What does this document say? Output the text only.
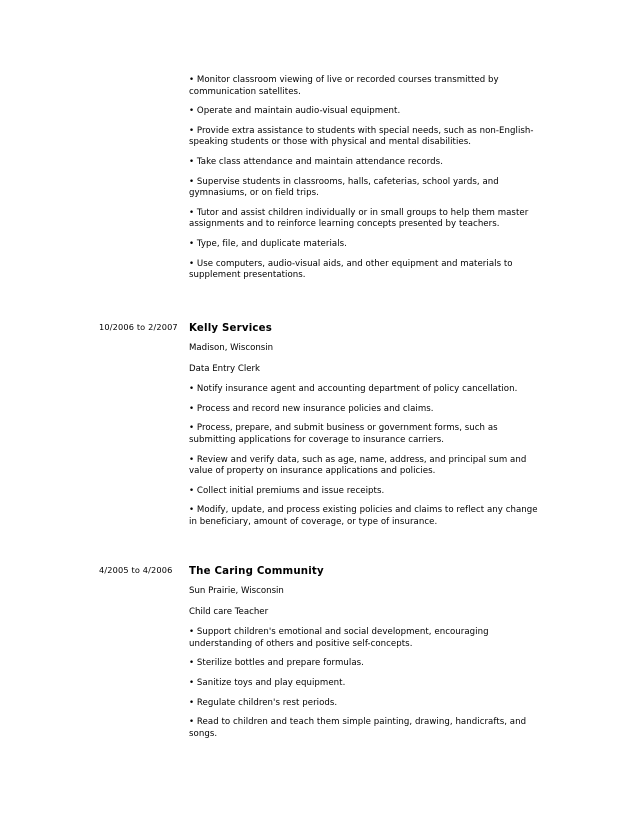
• Monitor classroom viewing of live or recorded courses transmitted by communication satellites.

• Operate and maintain audio-visual equipment.

• Provide extra assistance to students with special needs, such as non-English-speaking students or those with physical and mental disabilities.

• Take class attendance and maintain attendance records.

• Supervise students in classrooms, halls, cafeterias, school yards, and gymnasiums, or on field trips.

• Tutor and assist children individually or in small groups to help them master assignments and to reinforce learning concepts presented by teachers.

• Type, file, and duplicate materials.

• Use computers, audio-visual aids, and other equipment and materials to supplement presentations.

10/2006 to 2/2007	Kelly Services
Madison, Wisconsin
Data Entry Clerk

• Notify insurance agent and accounting department of policy cancellation.

• Process and record new insurance policies and claims.

• Process, prepare, and submit business or government forms, such as submitting applications for coverage to insurance carriers.

• Review and verify data, such as age, name, address, and principal sum and value of property on insurance applications and policies.

• Collect initial premiums and issue receipts.

• Modify, update, and process existing policies and claims to reflect any change in beneficiary, amount of coverage, or type of insurance.

4/2005 to 4/2006	The Caring Community
Sun Prairie, Wisconsin
Child care Teacher

• Support children's emotional and social development, encouraging understanding of others and positive self-concepts.

• Sterilize bottles and prepare formulas.

• Sanitize toys and play equipment.

• Regulate children's rest periods.

• Read to children and teach them simple painting, drawing, handicrafts, and songs.
